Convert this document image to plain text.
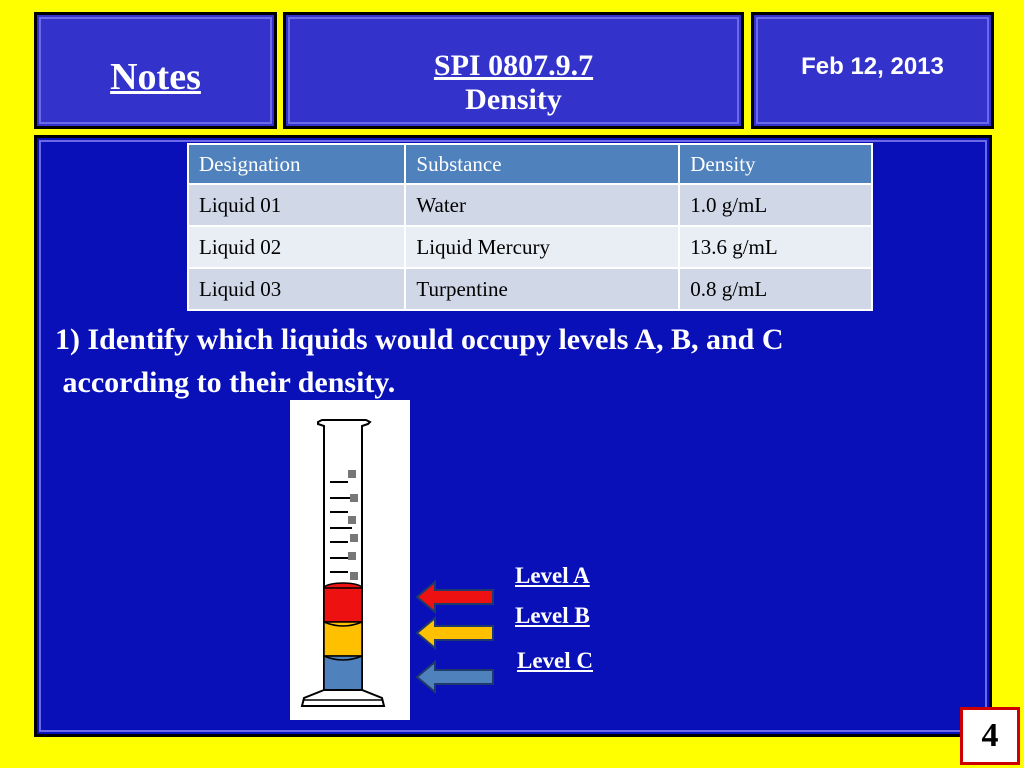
Notes	SPI 0807.9.7
Density
Feb 12, 2013
Designation	Substance	Density
Liquid 01	Water	1.0 g/mL
Liquid 02	Liquid Mercury	13.6 g/mL
Liquid 03	Turpentine	0.8 g/mL
1) Identify which liquids would occupy levels A, B, and C
according to their density.
Level A
Level B
Level C
4
